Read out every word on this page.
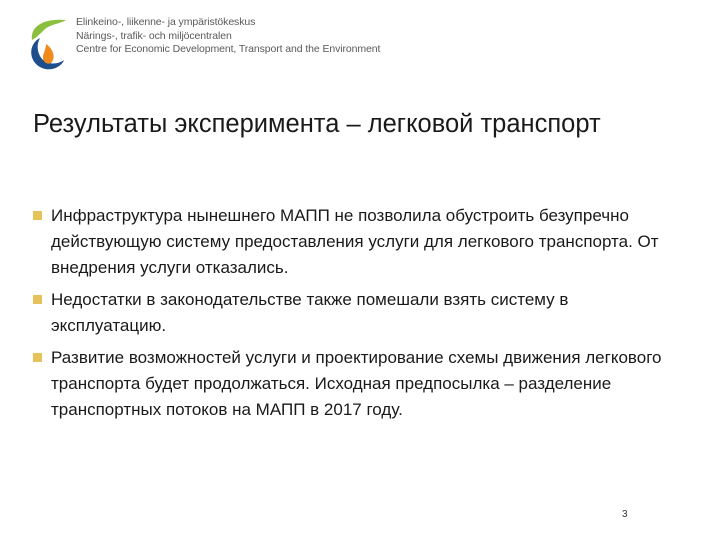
Elinkeino-, liikenne- ja ympäristökeskus
Närings-, trafik- och miljöcentralen
Centre for Economic Development, Transport and the Environment
Результаты эксперимента – легковой транспорт
Инфраструктура нынешнего МАПП не позволила обустроить безупречно действующую систему предоставления услуги для легкового транспорта. От внедрения услуги отказались.
Недостатки в законодательстве также помешали взять систему в эксплуатацию.
Развитие возможностей услуги и проектирование схемы движения легкового транспорта будет продолжаться. Исходная предпосылка – разделение транспортных потоков на МАПП в 2017 году.
3
